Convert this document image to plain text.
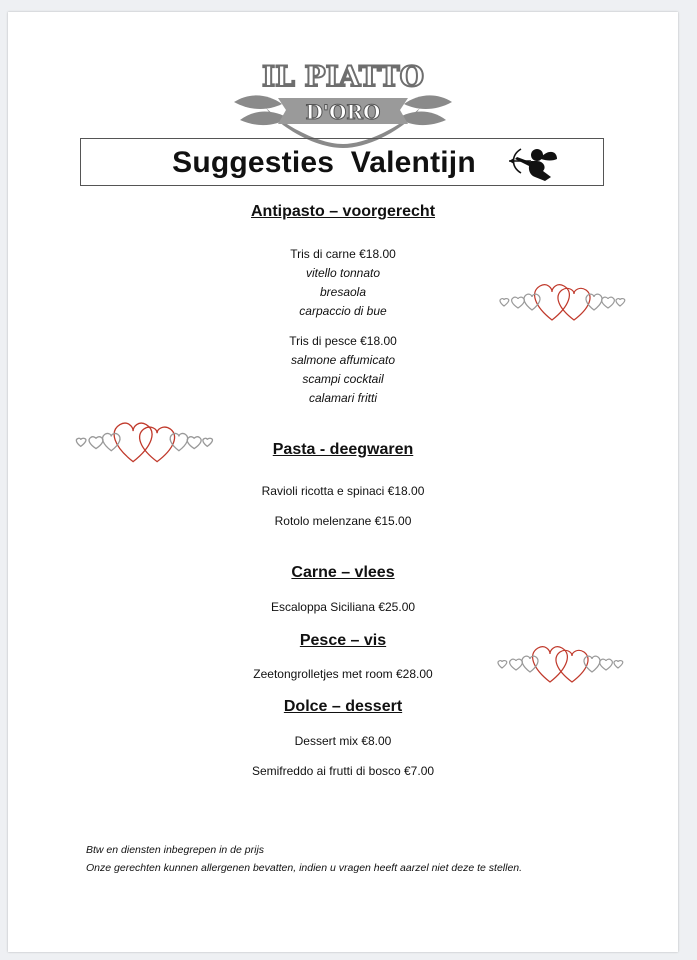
IL PIATTO
D'ORO
Suggesties Valentijn
Antipasto – voorgerecht
Tris di carne €18.00
vitello tonnato
bresaola
carpaccio di bue
Tris di pesce €18.00
salmone affumicato
scampi cocktail
calamari fritti
Pasta - deegwaren
Ravioli ricotta e spinaci €18.00
Rotolo melenzane €15.00
Carne – vlees
Escaloppa Siciliana €25.00
Pesce – vis
Zeetongrolletjes met room €28.00
Dolce – dessert
Dessert mix €8.00
Semifreddo ai frutti di bosco €7.00
Btw en diensten inbegrepen in de prijs
Onze gerechten kunnen allergenen bevatten, indien u vragen heeft aarzel niet deze te stellen.
